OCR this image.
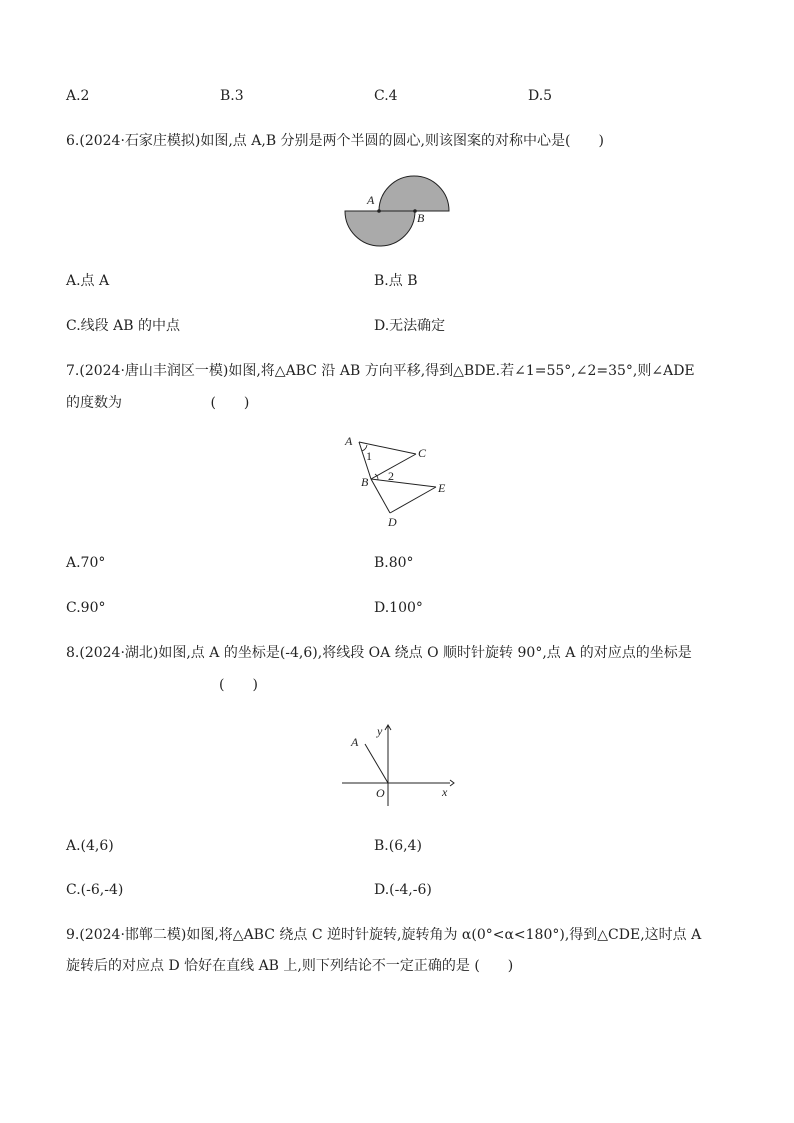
A.2	B.3	C.4	D.5
6.(2024·石家庄模拟)如图,点 A,B 分别是两个半圆的圆心,则该图案的对称中心是(　　)
A
B
A.点 A	B.点 B
C.线段 AB 的中点	D.无法确定
7.(2024·唐山丰润区一模)如图,将△ABC 沿 AB 方向平移,得到△BDE.若∠1=55°,∠2=35°,则∠ADE
的度数为	(　　)
A
C
B	E
D
1
2
A.70°	B.80°
C.90°	D.100°
8.(2024·湖北)如图,点 A 的坐标是(-4,6),将线段 OA 绕点 O 顺时针旋转 90°,点 A 的对应点的坐标是
(　　)
A
O	x
y
A.(4,6)	B.(6,4)
C.(-6,-4)	D.(-4,-6)
9.(2024·邯郸二模)如图,将△ABC 绕点 C 逆时针旋转,旋转角为 α(0°<α<180°),得到△CDE,这时点 A
旋转后的对应点 D 恰好在直线 AB 上,则下列结论不一定正确的是 (　　)
